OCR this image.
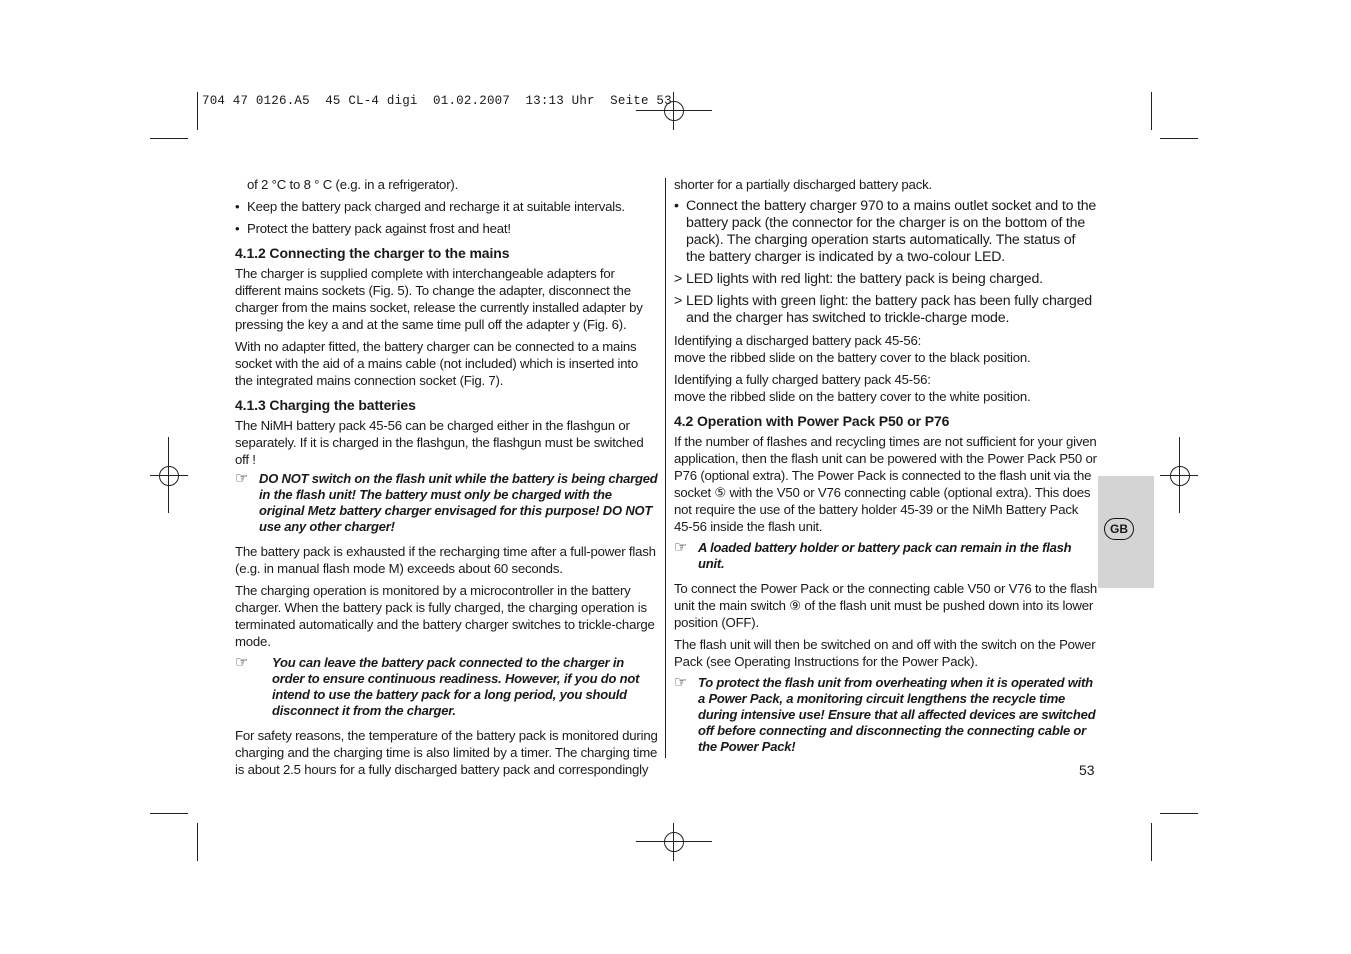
704 47 0126.A5  45 CL-4 digi  01.02.2007  13:13 Uhr  Seite 53

of 2 °C to 8 ° C (e.g. in a refrigerator).

• Keep the battery pack charged and recharge it at suitable intervals.

• Protect the battery pack against frost and heat!

4.1.2 Connecting the charger to the mains

The charger is supplied complete with interchangeable adapters for different mains sockets (Fig. 5). To change the adapter, disconnect the charger from the mains socket, release the currently installed adapter by pressing the key a and at the same time pull off the adapter y (Fig. 6).

With no adapter fitted, the battery charger can be connected to a mains socket with the aid of a mains cable (not included) which is inserted into the integrated mains connection socket (Fig. 7).

4.1.3 Charging the batteries

The NiMH battery pack 45-56 can be charged either in the flashgun or separately. If it is charged in the flashgun, the flashgun must be switched off !

☞ DO NOT switch on the flash unit while the battery is being charged in the flash unit! The battery must only be charged with the original Metz battery charger envisaged for this purpose! DO NOT use any other charger!

The battery pack is exhausted if the recharging time after a full-power flash (e.g. in manual flash mode M) exceeds about 60 seconds.

The charging operation is monitored by a microcontroller in the battery charger. When the battery pack is fully charged, the charging operation is terminated automatically and the battery charger switches to trickle-charge mode.

☞	You can leave the battery pack connected to the charger in order to ensure continuous readiness. However, if you do not intend to use the battery pack for a long period, you should disconnect it from the charger.

For safety reasons, the temperature of the battery pack is monitored during charging and the charging time is also limited by a timer. The charging time is about 2.5 hours for a fully discharged battery pack and correspondingly

shorter for a partially discharged battery pack.

• Connect the battery charger 970 to a mains outlet socket and to the battery pack (the connector for the charger is on the bottom of the pack). The charging operation starts automatically. The status of the battery charger is indicated by a two-colour LED.

> LED lights with red light: the battery pack is being charged.

> LED lights with green light: the battery pack has been fully charged and the charger has switched to trickle-charge mode.

Identifying a discharged battery pack 45-56:
move the ribbed slide on the battery cover to the black position.

Identifying a fully charged battery pack 45-56:
move the ribbed slide on the battery cover to the white position.

4.2 Operation with Power Pack P50 or P76

If the number of flashes and recycling times are not sufficient for your given application, then the flash unit can be powered with the Power Pack P50 or P76 (optional extra). The Power Pack is connected to the flash unit via the socket ⑤ with the V50 or V76 connecting cable (optional extra). This does not require the use of the battery holder 45-39 or the NiMh Battery Pack 45-56 inside the flash unit.

☞ A loaded battery holder or battery pack can remain in the flash unit.

To connect the Power Pack or the connecting cable V50 or V76 to the flash unit the main switch ⑨ of the flash unit must be pushed down into its lower position (OFF).

The flash unit will then be switched on and off with the switch on the Power Pack (see Operating Instructions for the Power Pack).

☞ To protect the flash unit from overheating when it is operated with a Power Pack, a monitoring circuit lengthens the recycle time during intensive use! Ensure that all affected devices are switched off before connecting and disconnecting the connecting cable or the Power Pack!
GB
53
